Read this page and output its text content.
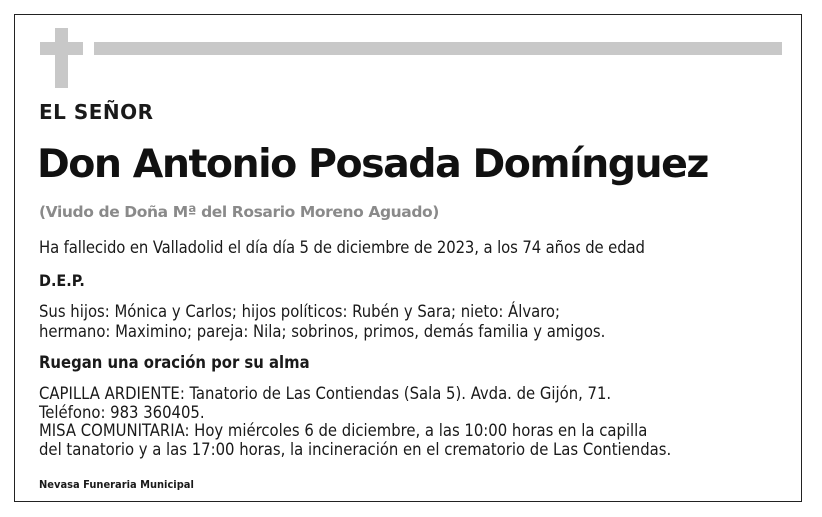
EL SEÑOR
Don Antonio Posada Domínguez
(Viudo de Doña Mª del Rosario Moreno Aguado)
Ha fallecido en Valladolid el día día 5 de diciembre de 2023, a los 74 años de edad
D.E.P.
Sus hijos: Mónica y Carlos; hijos políticos: Rubén y Sara; nieto: Álvaro;
hermano: Maximino; pareja: Nila; sobrinos, primos, demás familia y amigos.
Ruegan una oración por su alma
CAPILLA ARDIENTE: Tanatorio de Las Contiendas (Sala 5). Avda. de Gijón, 71.
Teléfono: 983 360405.
MISA COMUNITARIA: Hoy miércoles 6 de diciembre, a las 10:00 horas en la capilla
del tanatorio y a las 17:00 horas, la incineración en el crematorio de Las Contiendas.
Nevasa Funeraria Municipal
